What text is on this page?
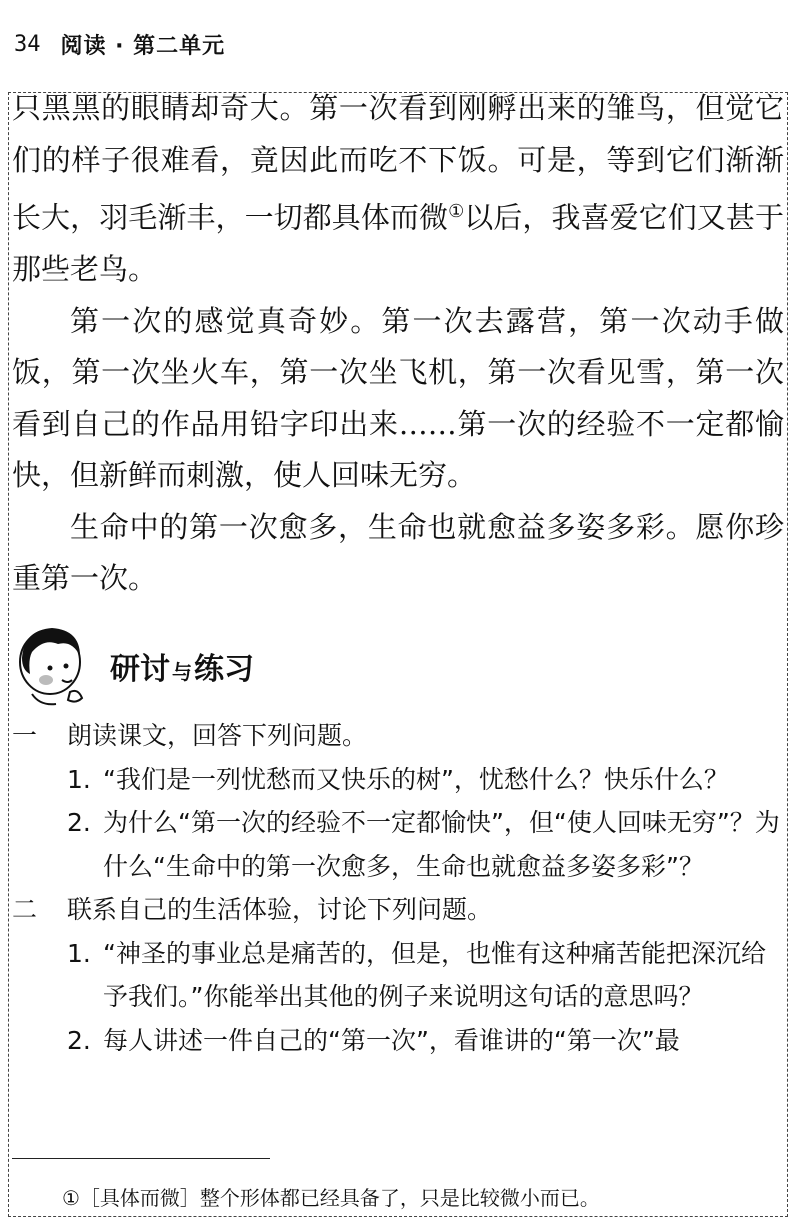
34 阅读 · 第二单元

只黑黑的眼睛却奇大。第一次看到刚孵出来的雏鸟，但觉它们的样子很难看，竟因此而吃不下饭。可是，等到它们渐渐长大，羽毛渐丰，一切都具体而微①以后，我喜爱它们又甚于那些老鸟。

第一次的感觉真奇妙。第一次去露营，第一次动手做饭，第一次坐火车，第一次坐飞机，第一次看见雪，第一次看到自己的作品用铅字印出来……第一次的经验不一定都愉快，但新鲜而刺激，使人回味无穷。

生命中的第一次愈多，生命也就愈益多姿多彩。愿你珍重第一次。

研讨 与练习
一	朗读课文，回答下列问题。
1. “我们是一列忧愁而又快乐的树”，忧愁什么？快乐什么？
2. 为什么“第一次的经验不一定都愉快”，但“使人回味无穷”？为什么“生命中的第一次愈多，生命也就愈益多姿多彩”？
二	联系自己的生活体验，讨论下列问题。
1. “神圣的事业总是痛苦的，但是，也惟有这种痛苦能把深沉给予我们。”你能举出其他的例子来说明这句话的意思吗？
2. 每人讲述一件自己的“第一次”，看谁讲的“第一次”最
①［具体而微］整个形体都已经具备了，只是比较微小而已。
